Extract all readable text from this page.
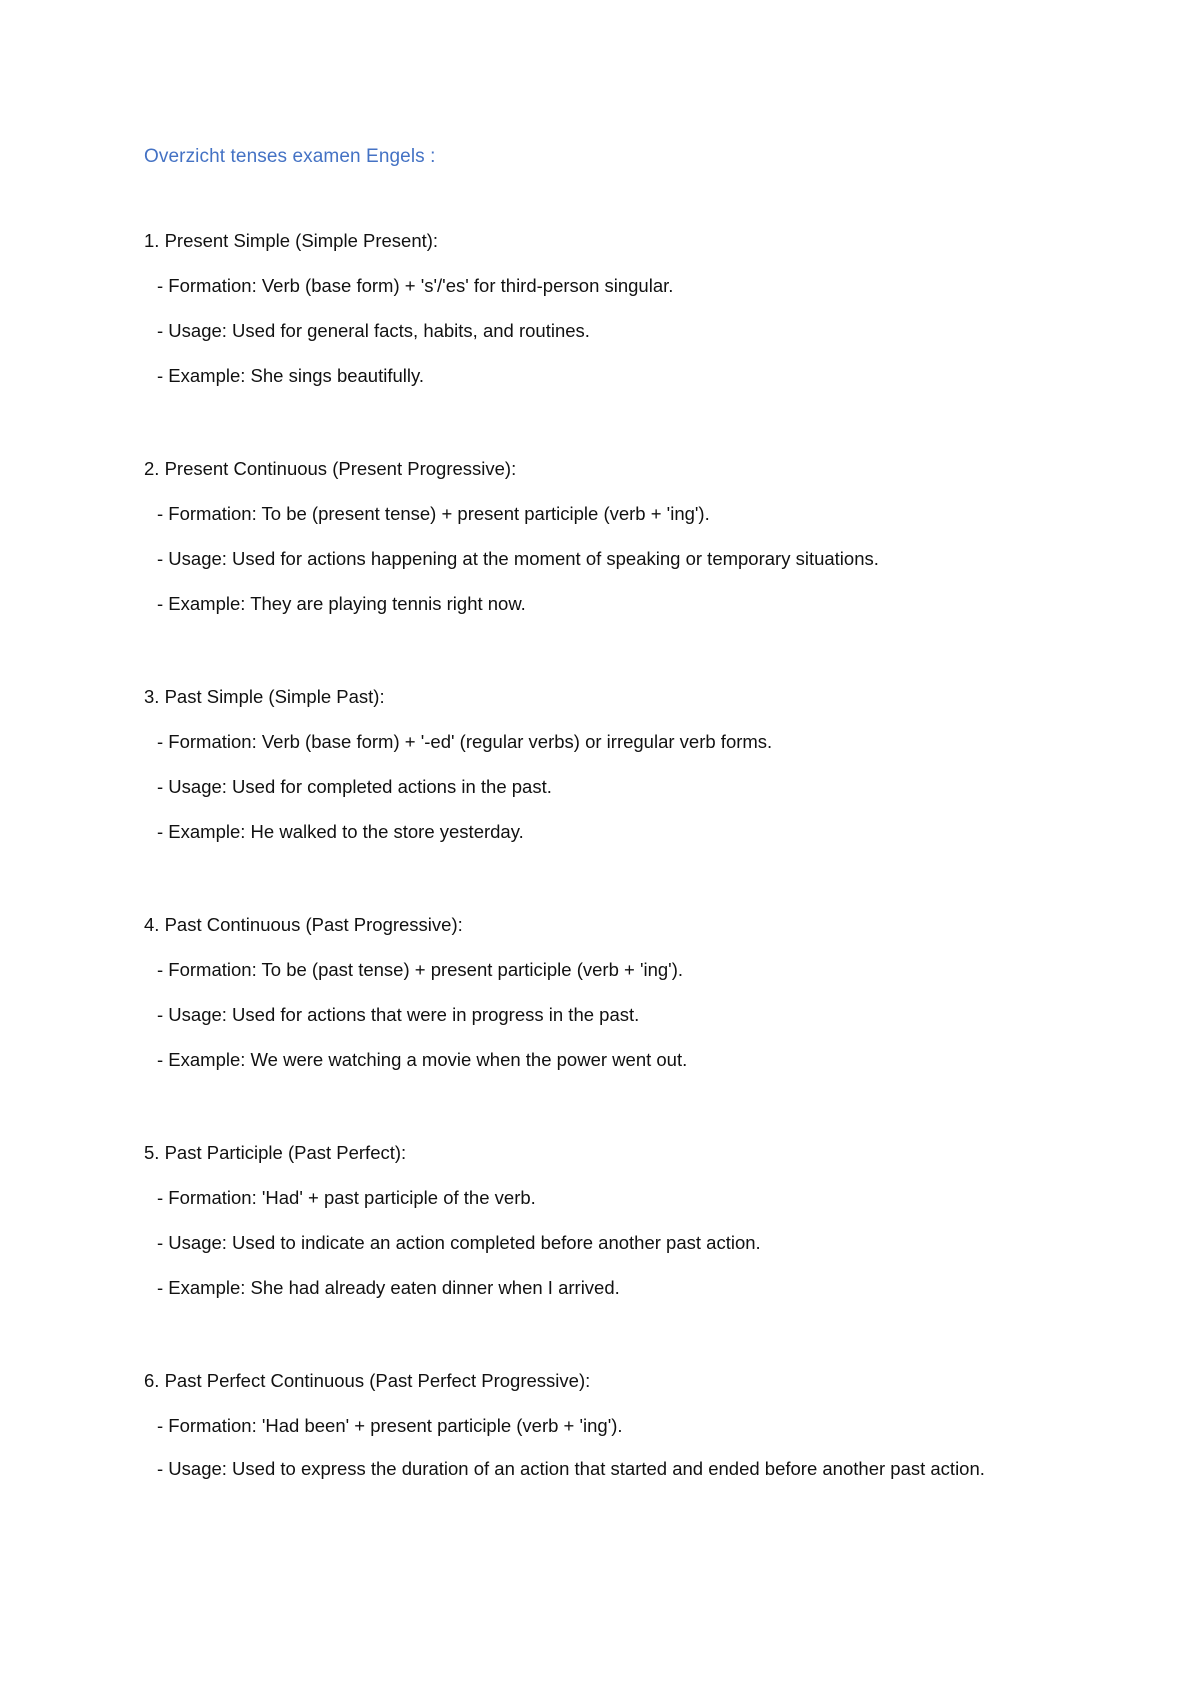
Overzicht tenses examen Engels :
1. Present Simple (Simple Present):
- Formation: Verb (base form) + 's'/'es' for third-person singular.
- Usage: Used for general facts, habits, and routines.
- Example: She sings beautifully.
2. Present Continuous (Present Progressive):
- Formation: To be (present tense) + present participle (verb + 'ing').
- Usage: Used for actions happening at the moment of speaking or temporary situations.
- Example: They are playing tennis right now.
3. Past Simple (Simple Past):
- Formation: Verb (base form) + '-ed' (regular verbs) or irregular verb forms.
- Usage: Used for completed actions in the past.
- Example: He walked to the store yesterday.
4. Past Continuous (Past Progressive):
- Formation: To be (past tense) + present participle (verb + 'ing').
- Usage: Used for actions that were in progress in the past.
- Example: We were watching a movie when the power went out.
5. Past Participle (Past Perfect):
- Formation: 'Had' + past participle of the verb.
- Usage: Used to indicate an action completed before another past action.
- Example: She had already eaten dinner when I arrived.
6. Past Perfect Continuous (Past Perfect Progressive):
- Formation: 'Had been' + present participle (verb + 'ing').
- Usage: Used to express the duration of an action that started and ended before another past action.
